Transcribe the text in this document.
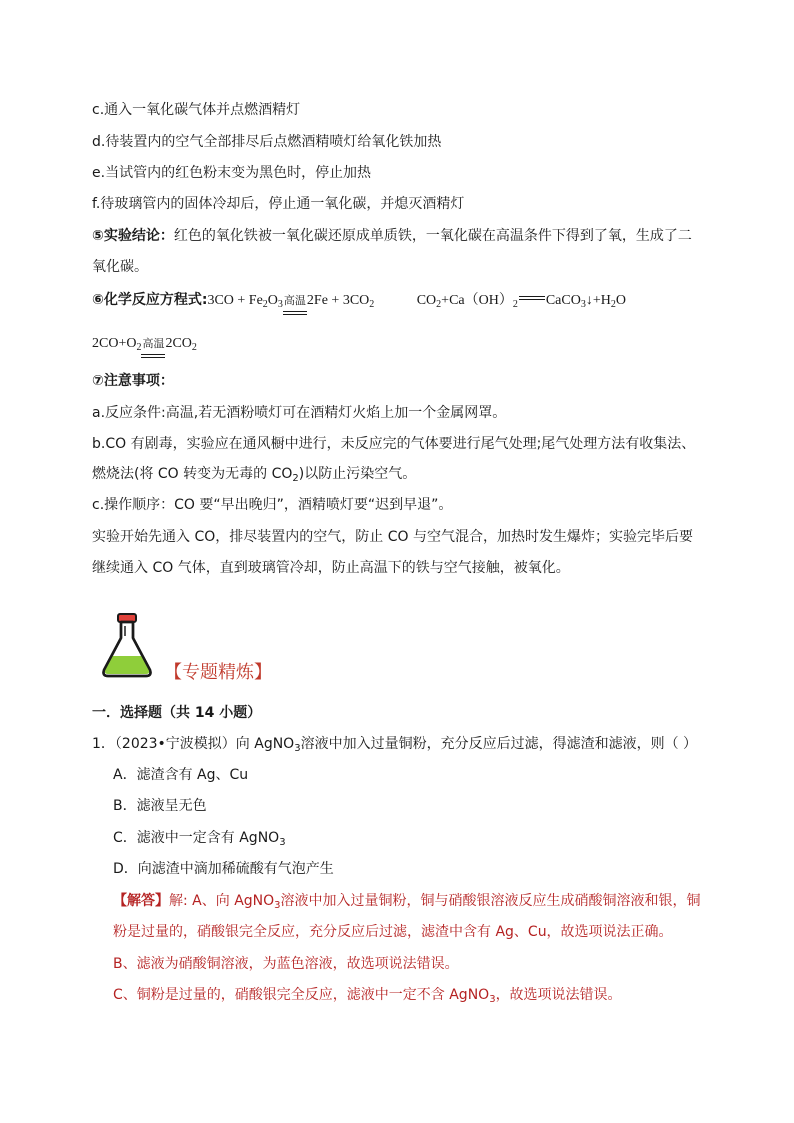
c.通入一氧化碳气体并点燃酒精灯
d.待装置内的空气全部排尽后点燃酒精喷灯给氧化铁加热
e.当试管内的红色粉末变为黑色时，停止加热
f.待玻璃管内的固体冷却后，停止通一氧化碳，并熄灭酒精灯
⑤实验结论：红色的氧化铁被一氧化碳还原成单质铁，一氧化碳在高温条件下得到了氧，生成了二
氧化碳。
⑥化学反应方程式:3CO + $Fe_2O_3$高温$2Fe + 3CO_2$	$CO_2+Ca(OH)_2$ $CaCO_3↓+H_2O$
$2CO+O_2$高温$2CO_2$
⑦注意事项：
a.反应条件:高温,若无酒粉喷灯可在酒精灯火焰上加一个金属网罩。
b.CO 有剧毒，实验应在通风橱中进行，未反应完的气体要进行尾气处理;尾气处理方法有收集法、
燃烧法(将 CO 转变为无毒的 $CO_2$)以防止污染空气。
c.操作顺序：CO 要“早出晚归”，酒精喷灯要“迟到早退”。
实验开始先通入 CO，排尽装置内的空气，防止 CO 与空气混合，加热时发生爆炸；实验完毕后要
继续通入 CO 气体，直到玻璃管冷却，防止高温下的铁与空气接触，被氧化。
【专题精炼】
一．选择题（共 14 小题）
1．（2023•宁波模拟）向 AgNO$_3$溶液中加入过量铜粉，充分反应后过滤，得滤渣和滤液，则（ ）
A．滤渣含有 Ag、Cu
B．滤液呈无色
C．滤液中一定含有 AgNO$_3$
D．向滤渣中滴加稀硫酸有气泡产生
【解答】解: A、向 AgNO$_3$溶液中加入过量铜粉，铜与硝酸银溶液反应生成硝酸铜溶液和银，铜
粉是过量的，硝酸银完全反应，充分反应后过滤，滤渣中含有 Ag、Cu，故选项说法正确。
B、滤液为硝酸铜溶液，为蓝色溶液，故选项说法错误。
C、铜粉是过量的，硝酸银完全反应，滤液中一定不含 AgNO$_3$，故选项说法错误。
